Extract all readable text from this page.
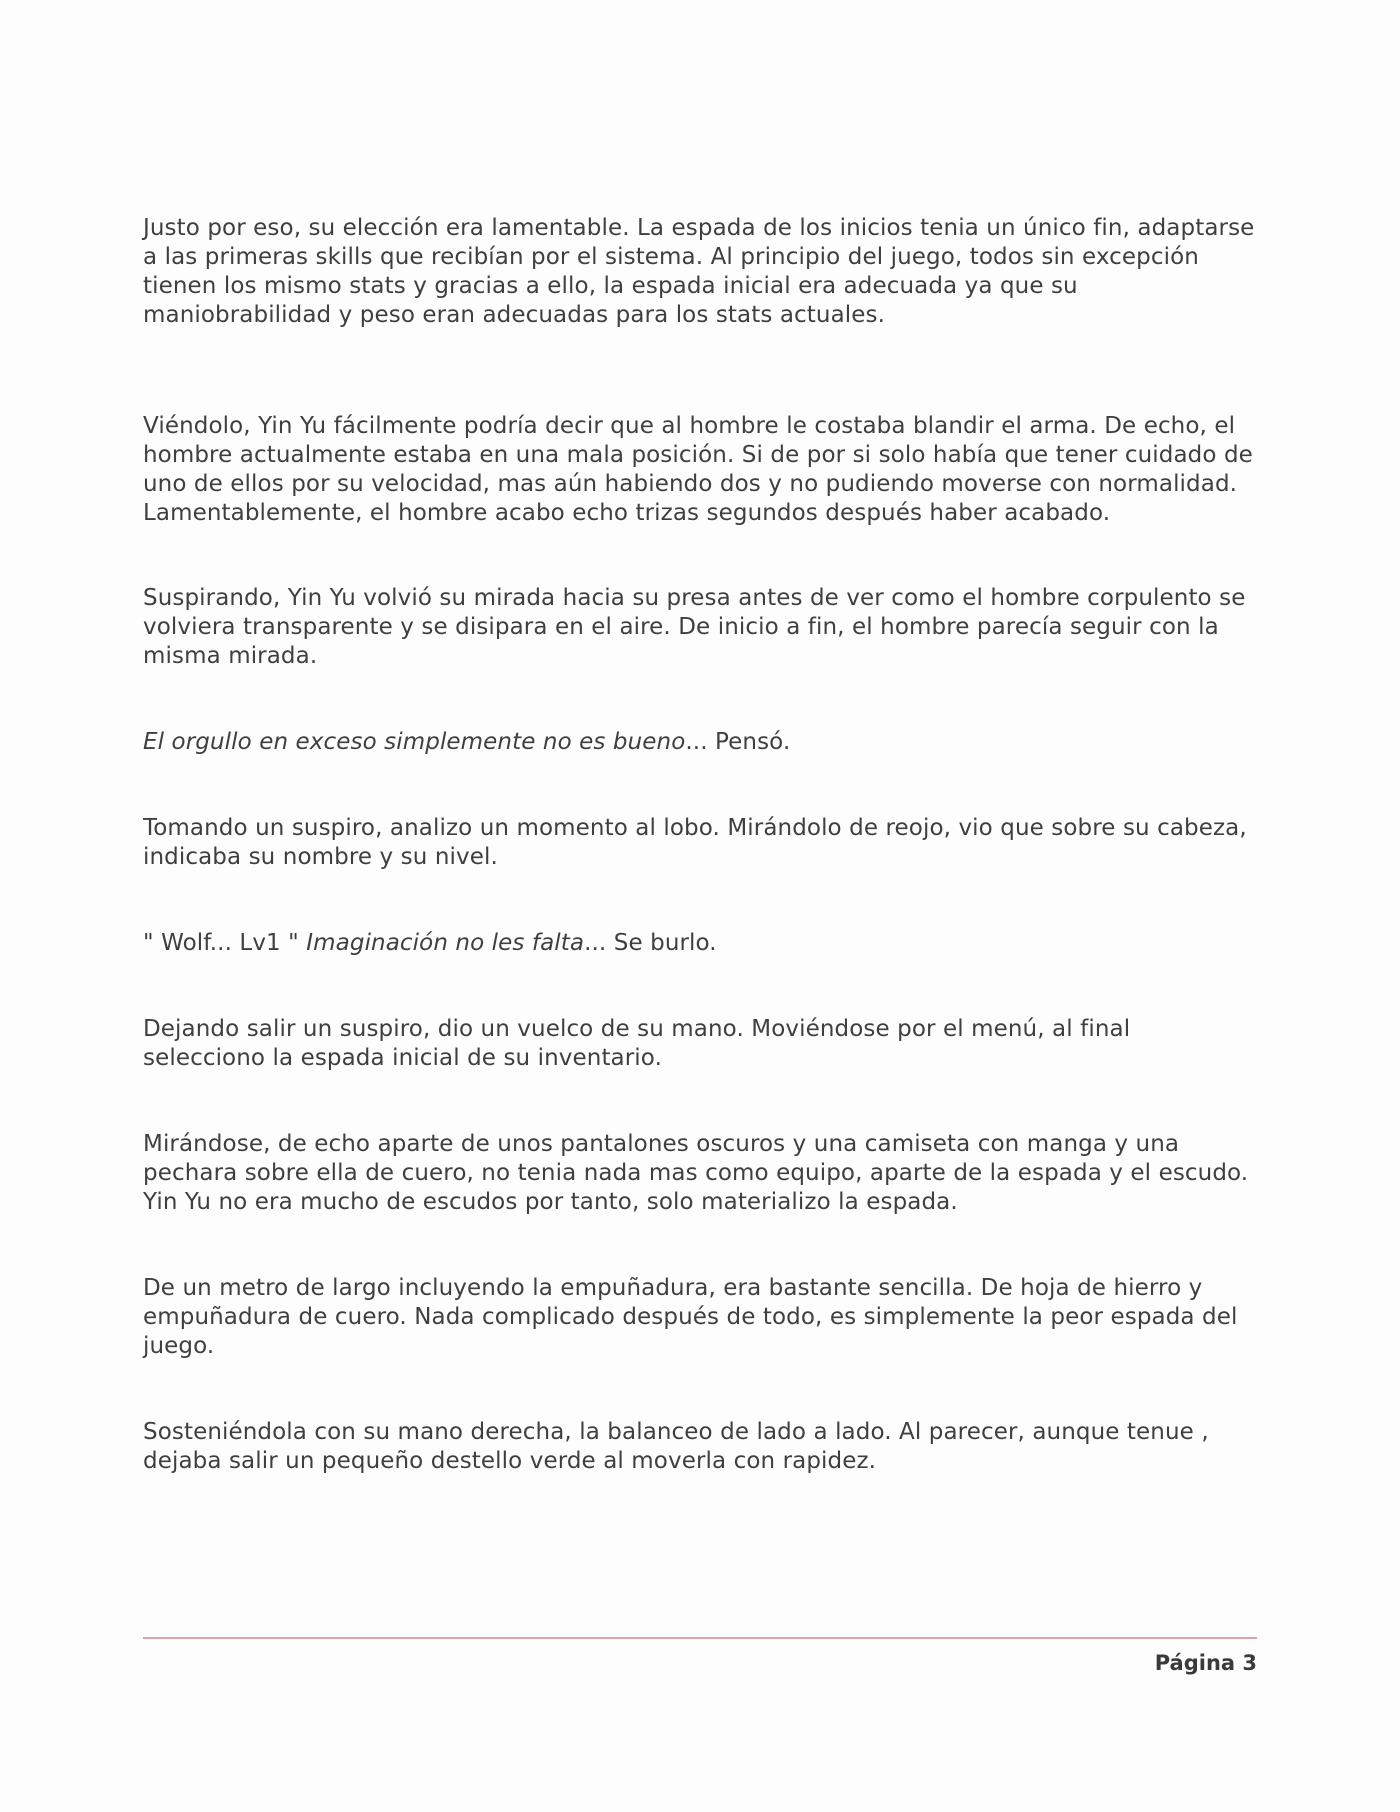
Justo por eso, su elección era lamentable. La espada de los inicios tenia un único fin, adaptarse a las primeras skills que recibían por el sistema. Al principio del juego, todos sin excepción tienen los mismo stats y gracias a ello, la espada inicial era adecuada ya que su maniobrabilidad y peso eran adecuadas para los stats actuales.

Viéndolo, Yin Yu fácilmente podría decir que al hombre le costaba blandir el arma. De echo, el hombre actualmente estaba en una mala posición. Si de por si solo había que tener cuidado de uno de ellos por su velocidad, mas aún habiendo dos y no pudiendo moverse con normalidad. Lamentablemente, el hombre acabo echo trizas segundos después haber acabado.

Suspirando, Yin Yu volvió su mirada hacia su presa antes de ver como el hombre corpulento se volviera transparente y se disipara en el aire. De inicio a fin, el hombre parecía seguir con la misma mirada.

El orgullo en exceso simplemente no es bueno... Pensó.

Tomando un suspiro, analizo un momento al lobo. Mirándolo de reojo, vio que sobre su cabeza, indicaba su nombre y su nivel.

" Wolf... Lv1 " Imaginación no les falta... Se burlo.

Dejando salir un suspiro, dio un vuelco de su mano. Moviéndose por el menú, al final selecciono la espada inicial de su inventario.

Mirándose, de echo aparte de unos pantalones oscuros y una camiseta con manga y una pechara sobre ella de cuero, no tenia nada mas como equipo, aparte de la espada y el escudo. Yin Yu no era mucho de escudos por tanto, solo materializo la espada.

De un metro de largo incluyendo la empuñadura, era bastante sencilla. De hoja de hierro y empuñadura de cuero. Nada complicado después de todo, es simplemente la peor espada del juego.

Sosteniéndola con su mano derecha, la balanceo de lado a lado. Al parecer, aunque tenue , dejaba salir un pequeño destello verde al moverla con rapidez.

Página 3
